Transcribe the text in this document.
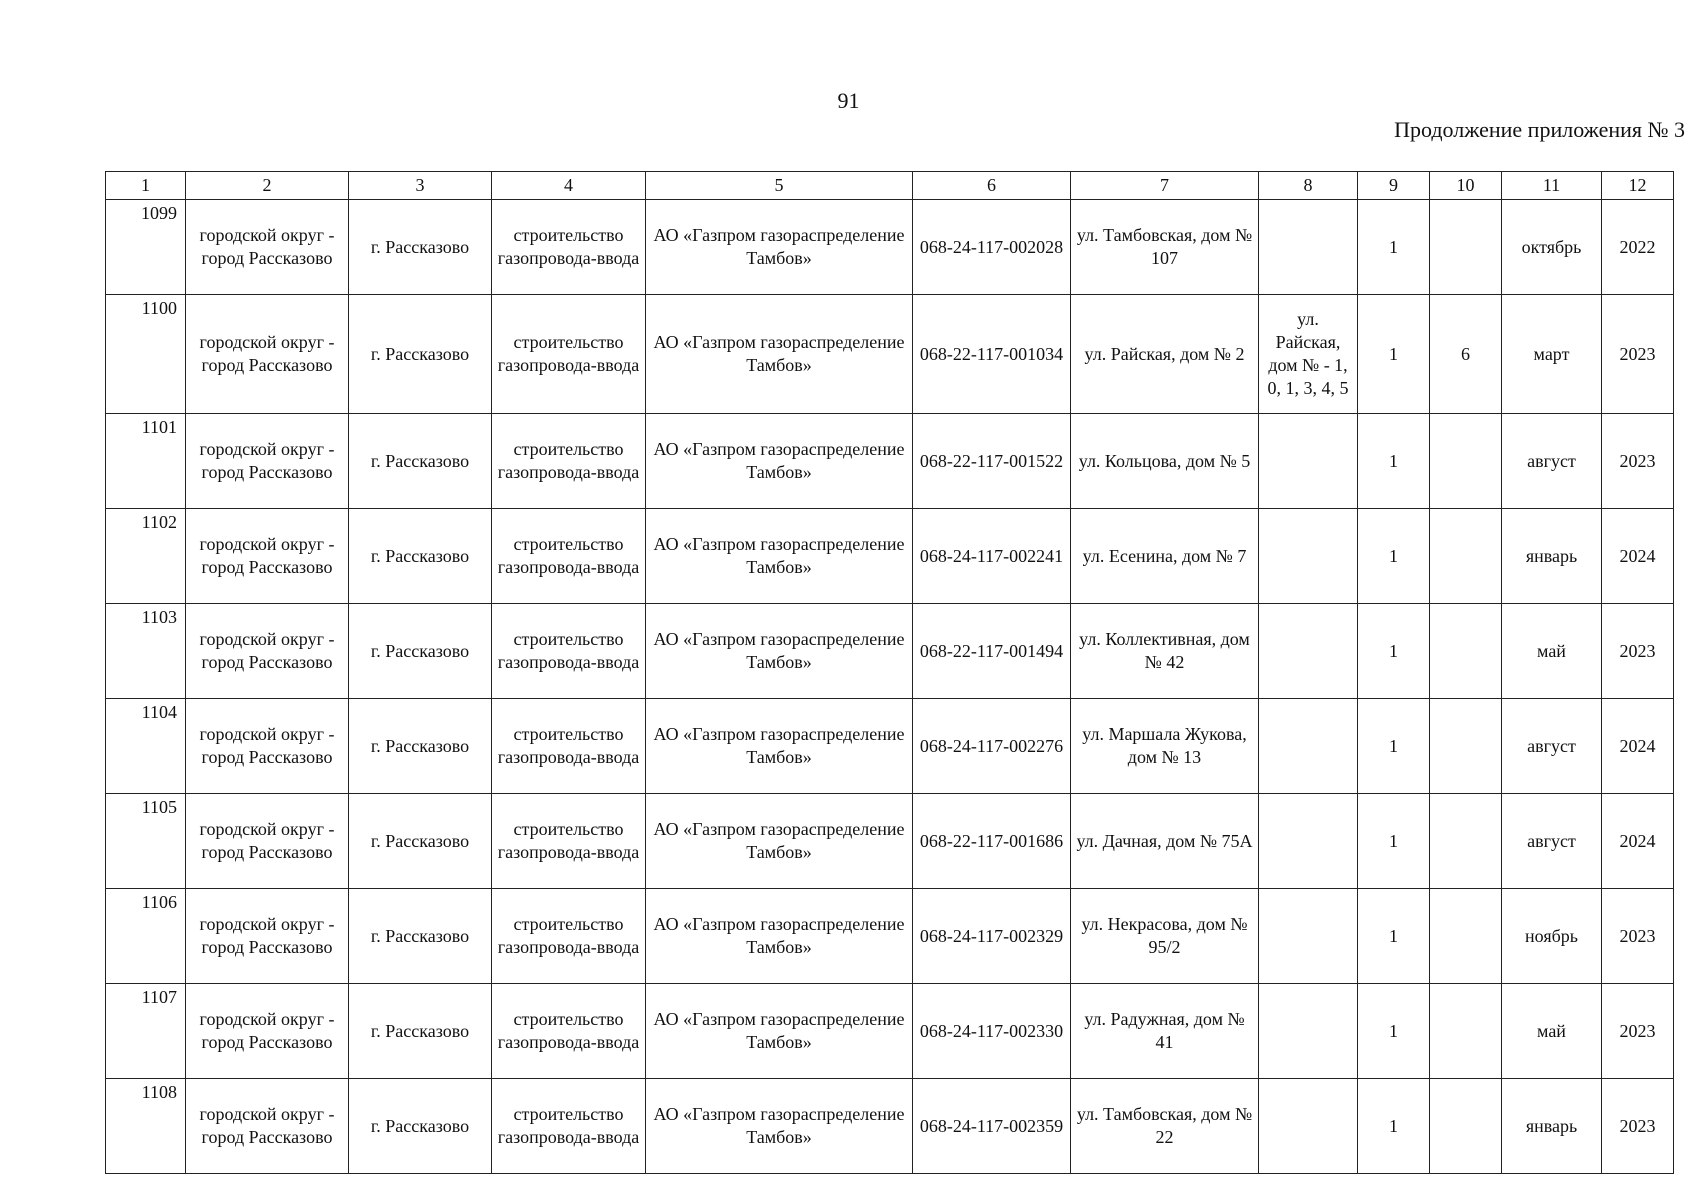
91
Продолжение приложения № 3
1	2	3	4	5	6	7	8	9	10	11	12
1099	городской округ - город Рассказово	г. Рассказово	строительство газопровода-ввода	АО «Газпром газораспределение Тамбов»	068-24-117-002028	ул. Тамбовская, дом № 107		1		октябрь	2022
1100	городской округ - город Рассказово	г. Рассказово	строительство газопровода-ввода	АО «Газпром газораспределение Тамбов»	068-22-117-001034	ул. Райская, дом № 2	ул. Райская, дом № - 1, 0, 1, 3, 4, 5	1	6	март	2023
1101	городской округ - город Рассказово	г. Рассказово	строительство газопровода-ввода	АО «Газпром газораспределение Тамбов»	068-22-117-001522	ул. Кольцова, дом № 5		1		август	2023
1102	городской округ - город Рассказово	г. Рассказово	строительство газопровода-ввода	АО «Газпром газораспределение Тамбов»	068-24-117-002241	ул. Есенина, дом № 7		1		январь	2024
1103	городской округ - город Рассказово	г. Рассказово	строительство газопровода-ввода	АО «Газпром газораспределение Тамбов»	068-22-117-001494	ул. Коллективная, дом № 42		1		май	2023
1104	городской округ - город Рассказово	г. Рассказово	строительство газопровода-ввода	АО «Газпром газораспределение Тамбов»	068-24-117-002276	ул. Маршала Жукова, дом № 13		1		август	2024
1105	городской округ - город Рассказово	г. Рассказово	строительство газопровода-ввода	АО «Газпром газораспределение Тамбов»	068-22-117-001686	ул. Дачная, дом № 75А		1		август	2024
1106	городской округ - город Рассказово	г. Рассказово	строительство газопровода-ввода	АО «Газпром газораспределение Тамбов»	068-24-117-002329	ул. Некрасова, дом № 95/2		1		ноябрь	2023
1107	городской округ - город Рассказово	г. Рассказово	строительство газопровода-ввода	АО «Газпром газораспределение Тамбов»	068-24-117-002330	ул. Радужная, дом № 41		1		май	2023
1108	городской округ - город Рассказово	г. Рассказово	строительство газопровода-ввода	АО «Газпром газораспределение Тамбов»	068-24-117-002359	ул. Тамбовская, дом № 22		1		январь	2023
